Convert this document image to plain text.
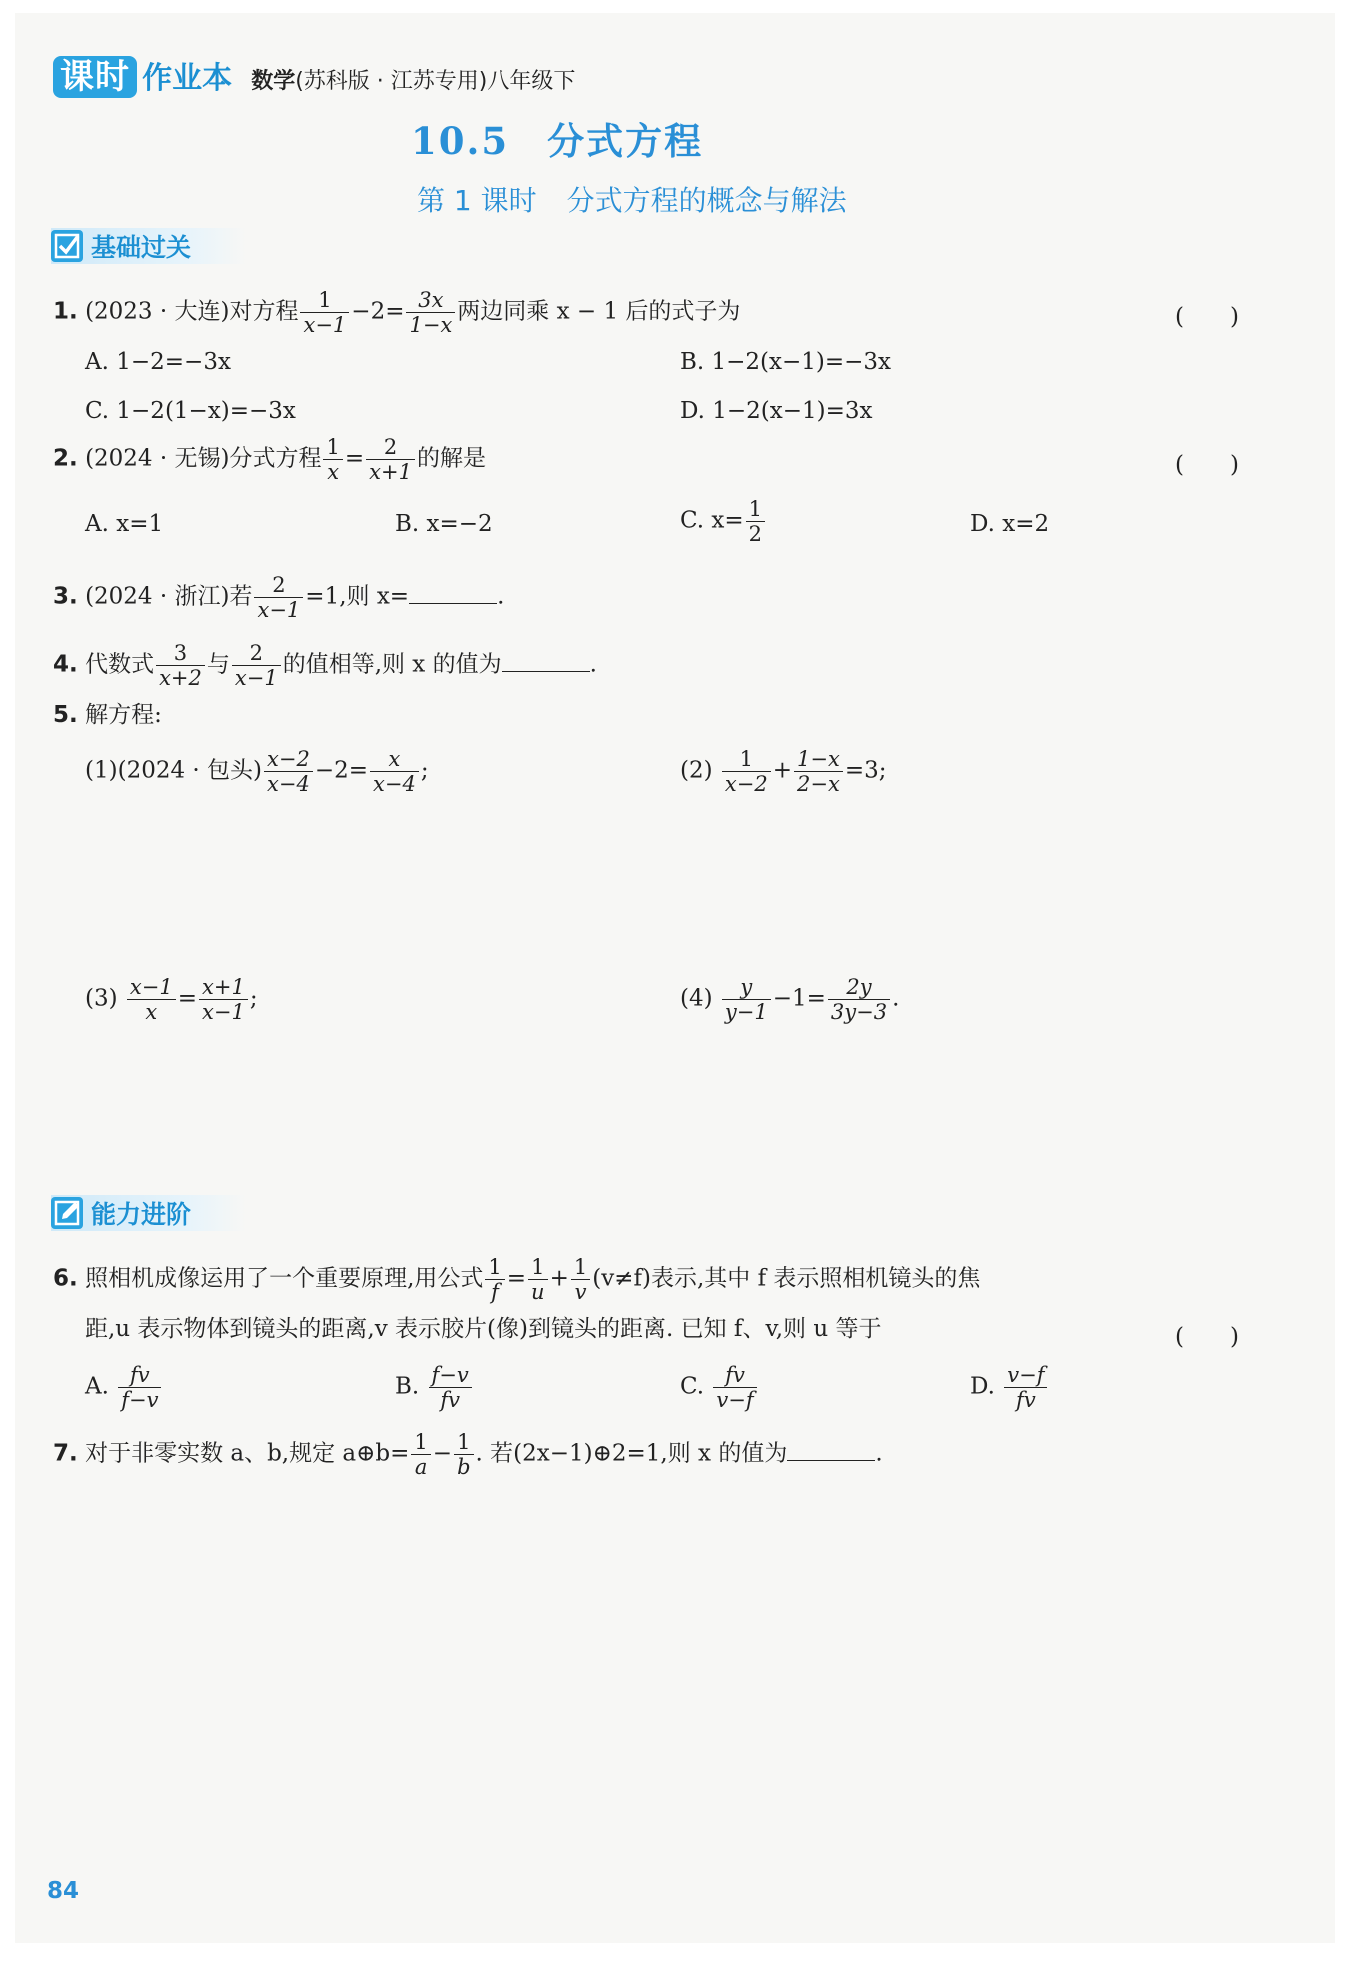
课时 作业本 数学(苏科版 · 江苏专用)八年级下
10.5 分式方程
第 1 课时 分式方程的概念与解法
基础过关
1. (2023 · 大连)对方程 $\frac{1}{x-1} -2= \frac{3x}{1-x}$ 两边同乘 x − 1 后的式子为	(　　)
A. 1−2=−3x	B. 1−2(x−1)=−3x
C. 1−2(1−x)=−3x	D. 1−2(x−1)=3x
2. (2024 · 无锡)分式方程 $\frac{1}{x} = \frac{2}{x+1}$ 的解是	(　　)
A. x=1	B. x=−2	C. $x= \frac{1}{2}$	D. x=2
3. (2024 · 浙江)若 $\frac{2}{x-1} =1$,则 x=	.
4. 代数式 $\frac{3}{x+2}$ 与 $\frac{2}{x-1}$ 的值相等,则 x 的值为	.
5. 解方程:
(1)(2024 · 包头) $\frac{x-2}{x-4} -2= \frac{x}{x-4}$ ;	$(2) \frac{1}{x-2} + \frac{1-x}{2-x} =3$;
$(3) \frac{x-1}{x} = \frac{x+1}{x-1}$ ;	$(4) \frac{y}{y-1} -1= \frac{2y}{3y-3}$ .
能力进阶
6. 照相机成像运用了一个重要原理,用公式 $\frac{1}{f} = \frac{1}{u} + \frac{1}{v} (v\ne f)$表示,其中 f 表示照相机镜头的焦
距,u 表示物体到镜头的距离,v 表示胶片(像)到镜头的距离. 已知 f、v,则 u 等于	(　　)
A. $\frac{fv}{f-v}$	B. $\frac{f-v}{fv}$	C. $\frac{fv}{v-f}$	D. $\frac{v-f}{fv}$
7. 对于非零实数 a、b,规定 a⊕b= $\frac{1}{a} - \frac{1}{b}$ . 若(2x−1)⊕2=1,则 x 的值为	.
84
